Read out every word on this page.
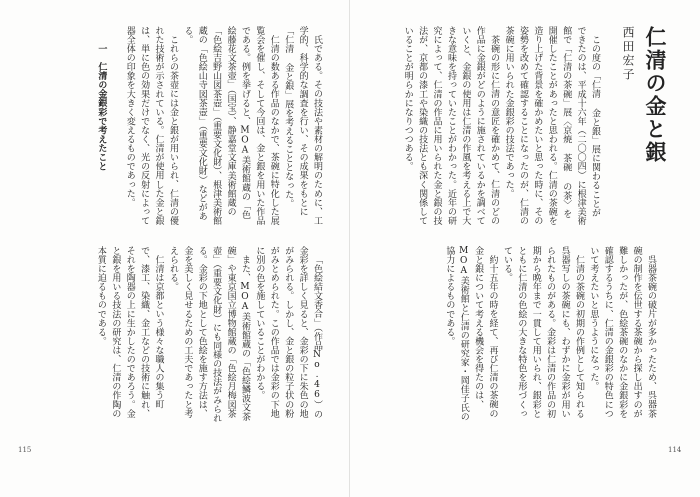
仁清の金と銀
西田宏子

この度の「仁清 金と銀」展に関わることができたのは、平成十六年（二〇〇四）に根津美術館で「仁清の茶碗」展〈京焼 茶碗 の茶〉を開催したことがあったと思われる。仁清の茶碗を造り上げた背景を確かめたいと思った時に、その姿勢を改めて確認することになったのが、仁清の茶碗に用いられた金銀彩の技法であった。

茶碗の形に仁清の意匠を確かめて、仁清のどの作品に金銀がどのように施されているかを調べていくと、金銀の使用は仁清の作風を考える上で大きな意味を持っていたことがわかった。近年の研究によって、仁清の作品に用いられた金と銀の技法が、京都の漆工や染織の技法とも深く関係していることが明らかになりつつある。

呉器茶碗の破片が多かったため、呉器茶碗の制作を伝世する茶碗から探し出すのが難しかったが、色絵茶碗のなかに金銀彩を確認するうちに、仁清の金銀彩の特色について考えたいと思うようになった。

仁清の茶碗の初期の作例として知られる呉器写しの茶碗にも、わずかに金彩が用いられたものがある。金彩は仁清の作品の初期から晩年まで一貫して用いられ、銀彩とともに仁清の色絵の大きな特色を形づくっている。

約十五年の時を経て、再び仁清の茶碗の金と銀について考える機会を得たのは、MOA美術館と仁清の研究家・岡佳子氏の協力によるものである。

氏である。その技法や素材の解明のために、工学的、科学的な調査を行い、その成果をもとに「仁清 金と銀」展を考えることとなった。

仁清の数ある作品のなかで、茶碗に特化した展覧会を催し、そして今回は、金と銀を用いた作品である。例を挙げると、MOA美術館蔵の「色絵藤花文茶壺」（国宝）、静嘉堂文庫美術館蔵の「色絵吉野山図茶壺」（重要文化財）、根津美術館蔵の「色絵山寺図茶壺」（重要文化財）などがある。

これらの茶壺には金と銀が用いられ、仁清の優れた技術が示されている。仁清が使用した金と銀は、単に色の効果だけでなく、光の反射によって器全体の印象を大きく変えるものであった。

一　仁清の金銀彩で考えたこと

「色絵結文香合」（作品No.46）の金彩を詳しく見ると、金彩の下に朱色の地がみられる。しかし、金と銀の粒子状の粉がみとめられた。この作品では金彩の下地に別の色を施していることがわかる。

また、MOA美術館蔵の「色絵鱗波文茶碗」や東京国立博物館蔵の「色絵月梅図茶壺」（重要文化財）にも同様の技法がみられる。金彩の下地として色絵を施す方法は、金を美しく見せるための工夫であったと考えられる。

仁清は京都という様々な職人の集う町で、漆工、染織、金工などの技術に触れ、それを陶器の上に生かしたのであろう。金と銀を用いる技法の研究は、仁清の作陶の本質に迫るものである。

115	114
